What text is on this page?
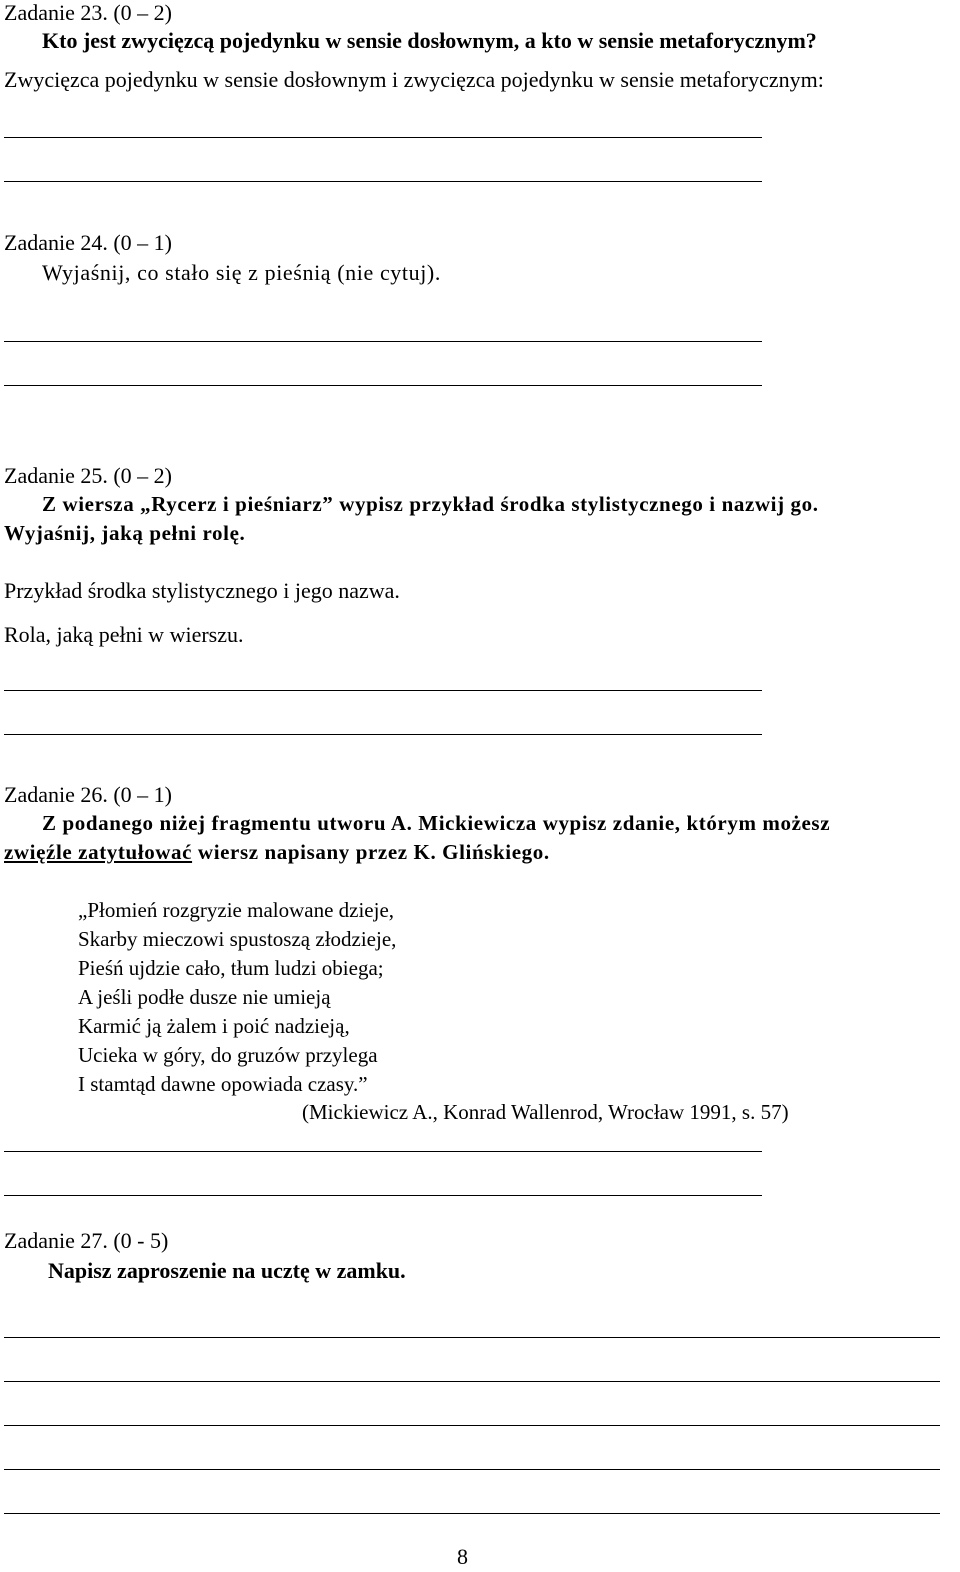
Zadanie 23. (0 – 2)
Kto jest zwycięzcą pojedynku w sensie dosłownym, a kto w sensie metaforycznym?
Zwycięzca pojedynku w sensie dosłownym i zwycięzca pojedynku w sensie metaforycznym:
Zadanie 24. (0 – 1)
Wyjaśnij, co stało się z pieśnią (nie cytuj).
Zadanie 25. (0 – 2)
Z wiersza „Rycerz i pieśniarz” wypisz przykład środka stylistycznego i nazwij go.
Wyjaśnij, jaką pełni rolę.
Przykład środka stylistycznego i jego nazwa.
Rola, jaką pełni w wierszu.
Zadanie 26. (0 – 1)
Z podanego niżej fragmentu utworu A. Mickiewicza wypisz zdanie, którym możesz
zwięźle zatytułować wiersz napisany przez K. Glińskiego.
„Płomień rozgryzie malowane dzieje,
Skarby mieczowi spustoszą złodzieje,
Pieśń ujdzie cało, tłum ludzi obiega;
A jeśli podłe dusze nie umieją
Karmić ją żalem i poić nadzieją,
Ucieka w góry, do gruzów przylega
I stamtąd dawne opowiada czasy.”
(Mickiewicz A., Konrad Wallenrod, Wrocław 1991, s. 57)
Zadanie 27. (0 - 5)
Napisz zaproszenie na ucztę w zamku.
8
